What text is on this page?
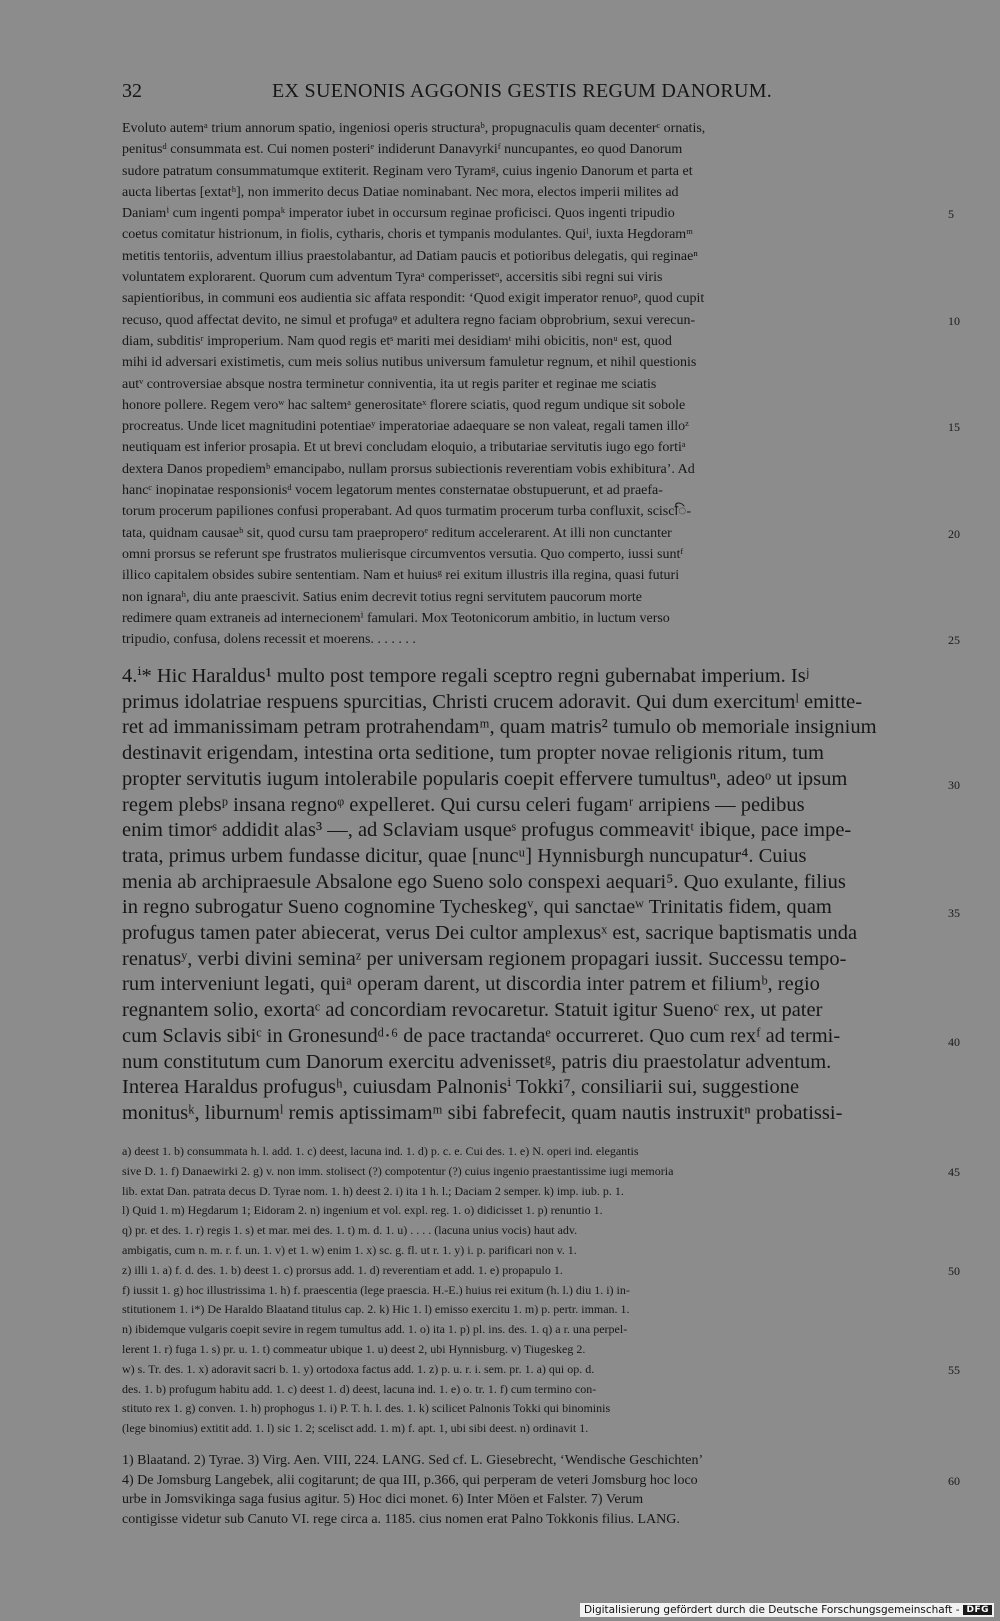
32	EX SUENONIS AGGONIS GESTIS REGUM DANORUM.
Evoluto autemᵃ trium annorum spatio, ingeniosi operis structuraᵇ, propugnaculis quam decenterᶜ ornatis,
penitusᵈ consummata est. Cui nomen posteriᵉ indiderunt Danavyrkiᶠ nuncupantes, eo quod Danorum
sudore patratum consummatumque extiterit. Reginam vero Tyramᵍ, cuius ingenio Danorum et parta et
aucta libertas [extatʰ], non immerito decus Datiae nominabant. Nec mora, electos imperii milites ad
Daniamⁱ cum ingenti pompaᵏ imperator iubet in occursum reginae proficisci. Quos ingenti tripudio	5
coetus comitatur histrionum, in fiolis, cytharis, choris et tympanis modulantes. Quiˡ, iuxta Hegdoramᵐ
metitis tentoriis, adventum illius praestolabantur, ad Datiam paucis et potioribus delegatis, qui reginaeⁿ
voluntatem explorarent. Quorum cum adventum Tyraᵃ comperissetᵒ, accersitis sibi regni sui viris
sapientioribus, in communi eos audientia sic affata respondit: ‘Quod exigit imperator renuoᵖ, quod cupit
recuso, quod affectat devito, ne simul et profugaᵠ et adultera regno faciam obprobrium, sexui verecun-	10
diam, subditisʳ improperium. Nam quod regis etˢ mariti mei desidiamᵗ mihi obicitis, nonᵘ est, quod
mihi id adversari existimetis, cum meis solius nutibus universum famuletur regnum, et nihil questionis
autᵛ controversiae absque nostra terminetur conniventia, ita ut regis pariter et reginae me sciatis
honore pollere. Regem veroʷ hac saltemᵃ generositateˣ florere sciatis, quod regum undique sit sobole
procreatus. Unde licet magnitudini potentiaeʸ imperatoriae adaequare se non valeat, regali tamen illoᶻ	15
neutiquam est inferior prosapia. Et ut brevi concludam eloquio, a tributariae servitutis iugo ego fortiᵃ
dextera Danos propediemᵇ emancipabo, nullam prorsus subiectionis reverentiam vobis exhibitura’. Ad
hancᶜ inopinatae responsionisᵈ vocem legatorum mentes consternatae obstupuerunt, et ad praefa-
torum procerum papiliones confusi properabant. Ad quos turmatim procerum turba confluxit, sciscि-
tata, quidnam causaeᵇ sit, quod cursu tam praeproperoᵉ reditum accelerarent. At illi non cunctanter	20
omni prorsus se referunt spe frustratos mulierisque circumventos versutia. Quo comperto, iussi suntᶠ
illico capitalem obsides subire sententiam. Nam et huiusᵍ rei exitum illustris illa regina, quasi futuri
non ignaraʰ, diu ante praescivit. Satius enim decrevit totius regni servitutem paucorum morte
redimere quam extraneis ad internecionemⁱ famulari. Mox Teotonicorum ambitio, in luctum verso
tripudio, confusa, dolens recessit et moerens. . . . . . .	25
4.ⁱ* Hic Haraldus¹ multo post tempore regali sceptro regni gubernabat imperium. Isʲ
primus idolatriae respuens spurcitias, Christi crucem adoravit. Qui dum exercitumˡ emitte-
ret ad immanissimam petram protrahendamᵐ, quam matris² tumulo ob memoriale insignium
destinavit erigendam, intestina orta seditione, tum propter novae religionis ritum, tum
propter servitutis iugum intolerabile popularis coepit effervere tumultusⁿ, adeoᵒ ut ipsum	30
regem plebsᵖ insana regnoᵠ expelleret. Qui cursu celeri fugamʳ arripiens — pedibus
enim timorˢ addidit alas³ —, ad Sclaviam usqueˢ profugus commeavitᵗ ibique, pace impe-
trata, primus urbem fundasse dicitur, quae [nuncᵘ] Hynnisburgh nuncupatur⁴. Cuius
menia ab archipraesule Absalone ego Sueno solo conspexi aequari⁵. Quo exulante, filius
in regno subrogatur Sueno cognomine Tycheskegᵛ, qui sanctaeʷ Trinitatis fidem, quam	35
profugus tamen pater abiecerat, verus Dei cultor amplexusˣ est, sacrique baptismatis unda
renatusʸ, verbi divini seminaᶻ per universam regionem propagari iussit. Successu tempo-
rum interveniunt legati, quiᵃ operam darent, ut discordia inter patrem et filiumᵇ, regio
regnantem solio, exortaᶜ ad concordiam revocaretur. Statuit igitur Suenoᶜ rex, ut pater
cum Sclavis sibiᶜ in Gronesundᵈ·⁶ de pace tractandaᵉ occurreret. Quo cum rexᶠ ad termi-	40
num constitutum cum Danorum exercitu advenissetᵍ, patris diu praestolatur adventum.
Interea Haraldus profugusʰ, cuiusdam Palnonisⁱ Tokki⁷, consiliarii sui, suggestione
monitusᵏ, liburnumˡ remis aptissimamᵐ sibi fabrefecit, quam nautis instruxitⁿ probatissi-
a) deest 1. b) consummata h. l. add. 1. c) deest, lacuna ind. 1. d) p. c. e. Cui des. 1. e) N. operi ind. elegantis
sive D. 1. f) Danaewirki 2. g) v. non imm. stolisect (?) compotentur (?) cuius ingenio praestantissime iugi memoria	45
lib. extat Dan. patrata decus D. Tyrae nom. 1. h) deest 2. i) ita 1 h. l.; Daciam 2 semper. k) imp. iub. p. 1.
l) Quid 1. m) Hegdarum 1; Eidoram 2. n) ingenium et vol. expl. reg. 1. o) didicisset 1. p) renuntio 1.
q) pr. et des. 1. r) regis 1. s) et mar. mei des. 1. t) m. d. 1. u) . . . . (lacuna unius vocis) haut adv.
ambigatis, cum n. m. r. f. un. 1. v) et 1. w) enim 1. x) sc. g. fl. ut r. 1. y) i. p. parificari non v. 1.
z) illi 1. a) f. d. des. 1. b) deest 1. c) prorsus add. 1. d) reverentiam et add. 1. e) propapulo 1.	50
f) iussit 1. g) hoc illustrissima 1. h) f. praescentia (lege praescia. H.-E.) huius rei exitum (h. l.) diu 1. i) in-
stitutionem 1. i*) De Haraldo Blaatand titulus cap. 2. k) Hic 1. l) emisso exercitu 1. m) p. pertr. imman. 1.
n) ibidemque vulgaris coepit sevire in regem tumultus add. 1. o) ita 1. p) pl. ins. des. 1. q) a r. una perpel-
lerent 1. r) fuga 1. s) pr. u. 1. t) commeatur ubique 1. u) deest 2, ubi Hynnisburg. v) Tiugeskeg 2.
w) s. Tr. des. 1. x) adoravit sacri b. 1. y) ortodoxa factus add. 1. z) p. u. r. i. sem. pr. 1. a) qui op. d.	55
des. 1. b) profugum habitu add. 1. c) deest 1. d) deest, lacuna ind. 1. e) o. tr. 1. f) cum termino con-
stituto rex 1. g) conven. 1. h) prophogus 1. i) P. T. h. l. des. 1. k) scilicet Palnonis Tokki qui binominis
(lege binomius) extitit add. 1. l) sic 1. 2; scelisct add. 1. m) f. apt. 1, ubi sibi deest. n) ordinavit 1.
1) Blaatand. 2) Tyrae. 3) Virg. Aen. VIII, 224. LANG. Sed cf. L. Giesebrecht, ‘Wendische Geschichten’
4) De Jomsburg Langebek, alii cogitarunt; de qua III, p.366, qui perperam de veteri Jomsburg hoc loco	60
urbe in Jomsvikinga saga fusius agitur. 5) Hoc dici monet. 6) Inter Möen et Falster. 7) Verum
contigisse videtur sub Canuto VI. rege circa a. 1185. cius nomen erat Palno Tokkonis filius. LANG.
Digitalisierung gefördert durch die Deutsche Forschungsgemeinschaft - DFG
